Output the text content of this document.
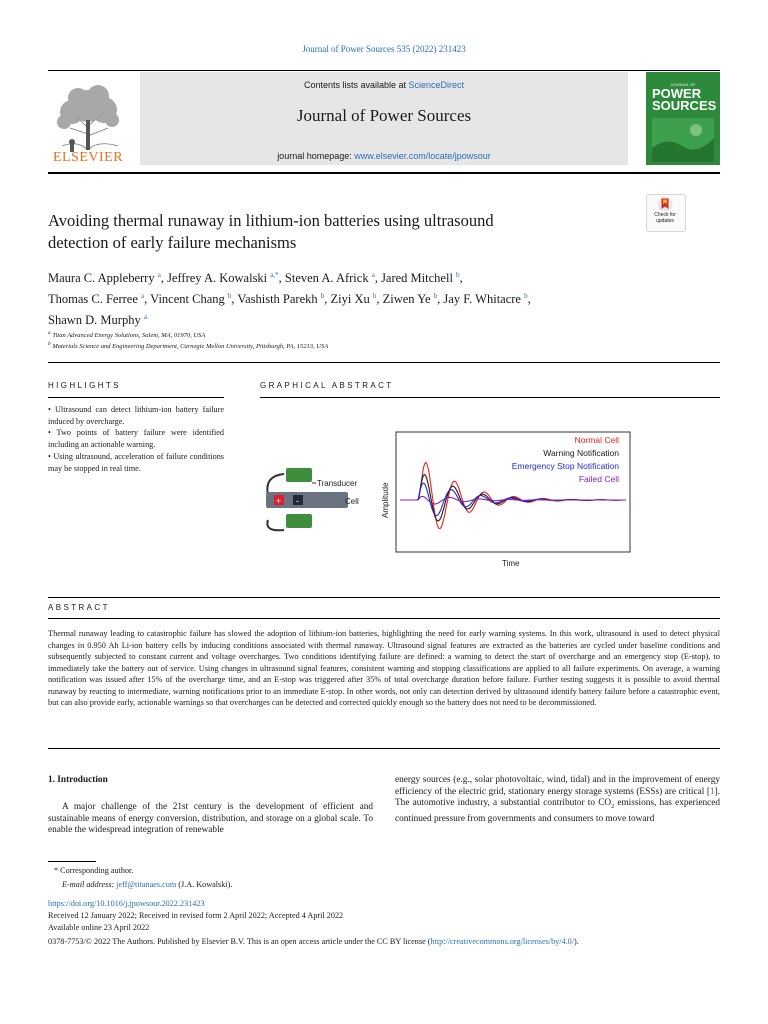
Journal of Power Sources 535 (2022) 231423
ELSEVIER
Contents lists available at ScienceDirect
Journal of Power Sources
journal homepage: www.elsevier.com/locate/jpowsour
JOURNAL OF
POWER
SOURCES
Avoiding thermal runaway in lithium-ion batteries using ultrasound
detection of early failure mechanisms
Check for
updates
Maura C. Appleberry $^a$, Jeffrey A. Kowalski $^{a,*}$, Steven A. Africk $^a$, Jared Mitchell $^b$,
Thomas C. Ferree $^a$, Vincent Chang $^b$, Vashisth Parekh $^b$, Ziyi Xu $^b$, Ziwen Ye $^b$, Jay F. Whitacre $^b$,
Shawn D. Murphy $^a$
$^a$ Titan Advanced Energy Solutions, Salem, MA, 01970, USA
$^b$ Materials Science and Engineering Department, Carnegie Mellon University, Pittsburgh, PA, 15213, USA
HIGHLIGHTS
• Ultrasound can detect lithium-ion battery failure induced by overcharge.
• Two points of battery failure were identified including an actionable warning.
• Using ultrasound, acceleration of failure conditions may be stopped in real time.
GRAPHICAL ABSTRACT
+ -
Transducer
Cell	Amplitude
Time
Normal Cell
Warning Notification
Emergency Stop Notification
Failed Cell
ABSTRACT
Thermal runaway leading to catastrophic failure has slowed the adoption of lithium-ion batteries, highlighting the need for early warning systems. In this work, ultrasound is used to detect physical changes in 0.950 Ah Li-ion battery cells by inducing conditions associated with thermal runaway. Ultrasound signal features are extracted as the batteries are cycled under baseline conditions and subsequently subjected to constant current and voltage overcharges. Two conditions identifying failure are defined: a warning to detect the start of overcharge and an emergency stop (E-stop), to immediately take the battery out of service. Using changes in ultrasound signal features, consistent warning and stopping classifications are applied to all failure experiments. On average, a warning notification was issued after 15% of the overcharge time, and an E-stop was triggered after 35% of total overcharge duration before failure. Further testing suggests it is possible to avoid thermal runaway by reacting to intermediate, warning notifications prior to an immediate E-stop. In other words, not only can detection derived by ultrasound identify battery failure before a catastrophic event, but can also provide early, actionable warnings so that overcharges can be detected and corrected quickly enough so the battery does not need to be decommissioned.
1. Introduction
A major challenge of the 21st century is the development of efficient and sustainable means of energy conversion, distribution, and storage on a global scale. To enable the widespread integration of renewable
energy sources (e.g., solar photovoltaic, wind, tidal) and in the improvement of energy efficiency of the electric grid, stationary energy storage systems (ESSs) are critical [1]. The automotive industry, a substantial contributor to $CO_2$ emissions, has experienced continued pressure from governments and consumers to move toward
* Corresponding author.
E-mail address: jeff@titanaes.com (J.A. Kowalski).
https://doi.org/10.1016/j.jpowsour.2022.231423
Received 12 January 2022; Received in revised form 2 April 2022; Accepted 4 April 2022
Available online 23 April 2022
0378-7753/© 2022 The Authors. Published by Elsevier B.V. This is an open access article under the CC BY license (http://creativecommons.org/licenses/by/4.0/).
